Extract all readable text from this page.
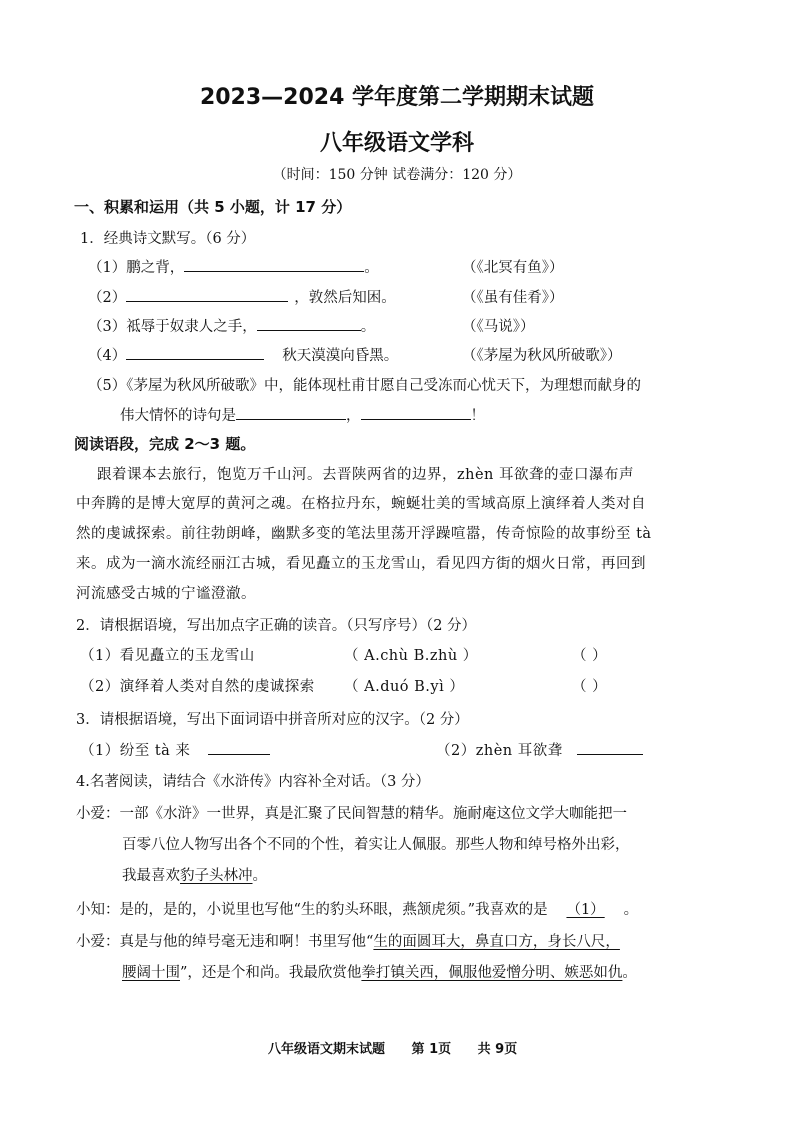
2023—2024 学年度第二学期期末试题
八年级语文学科
（时间：150 分钟 试卷满分：120 分）
一、积累和运用（共 5 小题，计 17 分）
1．经典诗文默写。（6 分）
（1）鹏之背，	。	（《北冥有鱼》）
（2）	，敦然后知困。	（《虽有佳肴》）
（3）祗辱于奴隶人之手，	。	（《马说》）
（4）	秋天漠漠向昏黑。	（《茅屋为秋风所破歌》）
（5）《茅屋为秋风所破歌》中，能体现杜甫甘愿自己受冻而心忧天下，为理想而献身的
伟大情怀的诗句是	，	！
阅读语段，完成 2～3 题。
跟着课本去旅行，饱览万千山河。去晋陕两省的边界，zhèn 耳欲聋的壶口瀑布声
中奔腾的是博大宽厚的黄河之魂。在格拉丹东，蜿蜒壮美的雪域高原上演绎着人类对自
然的虔诚探索。前往勃朗峰，幽默多变的笔法里荡开浮躁喧嚣，传奇惊险的故事纷至 tà
来。成为一滴水流经丽江古城，看见矗立的玉龙雪山，看见四方街的烟火日常，再回到
河流感受古城的宁谧澄澈。
2．请根据语境，写出加点字正确的读音。（只写序号）（2 分）
（1）看见矗立的玉龙雪山	（ A.chù B.zhù ）	（ ）
（2）演绎着人类对自然的虔诚探索 （ A.duó B.yì ）	（ ）
3．请根据语境，写出下面词语中拼音所对应的汉字。（2 分）
（1）纷至 tà 来	（2）zhèn 耳欲聋
4.名著阅读，请结合《水浒传》内容补全对话。（3 分）
小爱：一部《水浒》一世界，真是汇聚了民间智慧的精华。施耐庵这位文学大咖能把一
百零八位人物写出各个不同的个性，着实让人佩服。那些人物和绰号格外出彩，
我最喜欢豹子头林冲。
小知：是的，是的，小说里也写他“生的豹头环眼，燕颔虎须。”我喜欢的是 （1） 。
小爱：真是与他的绰号毫无违和啊！书里写他“生的面圆耳大，鼻直口方，身长八尺，
腰阔十围”，还是个和尚。我最欣赏他拳打镇关西，佩服他爱憎分明、嫉恶如仇。
八年级语文期末试题 第 1页 共 9页
